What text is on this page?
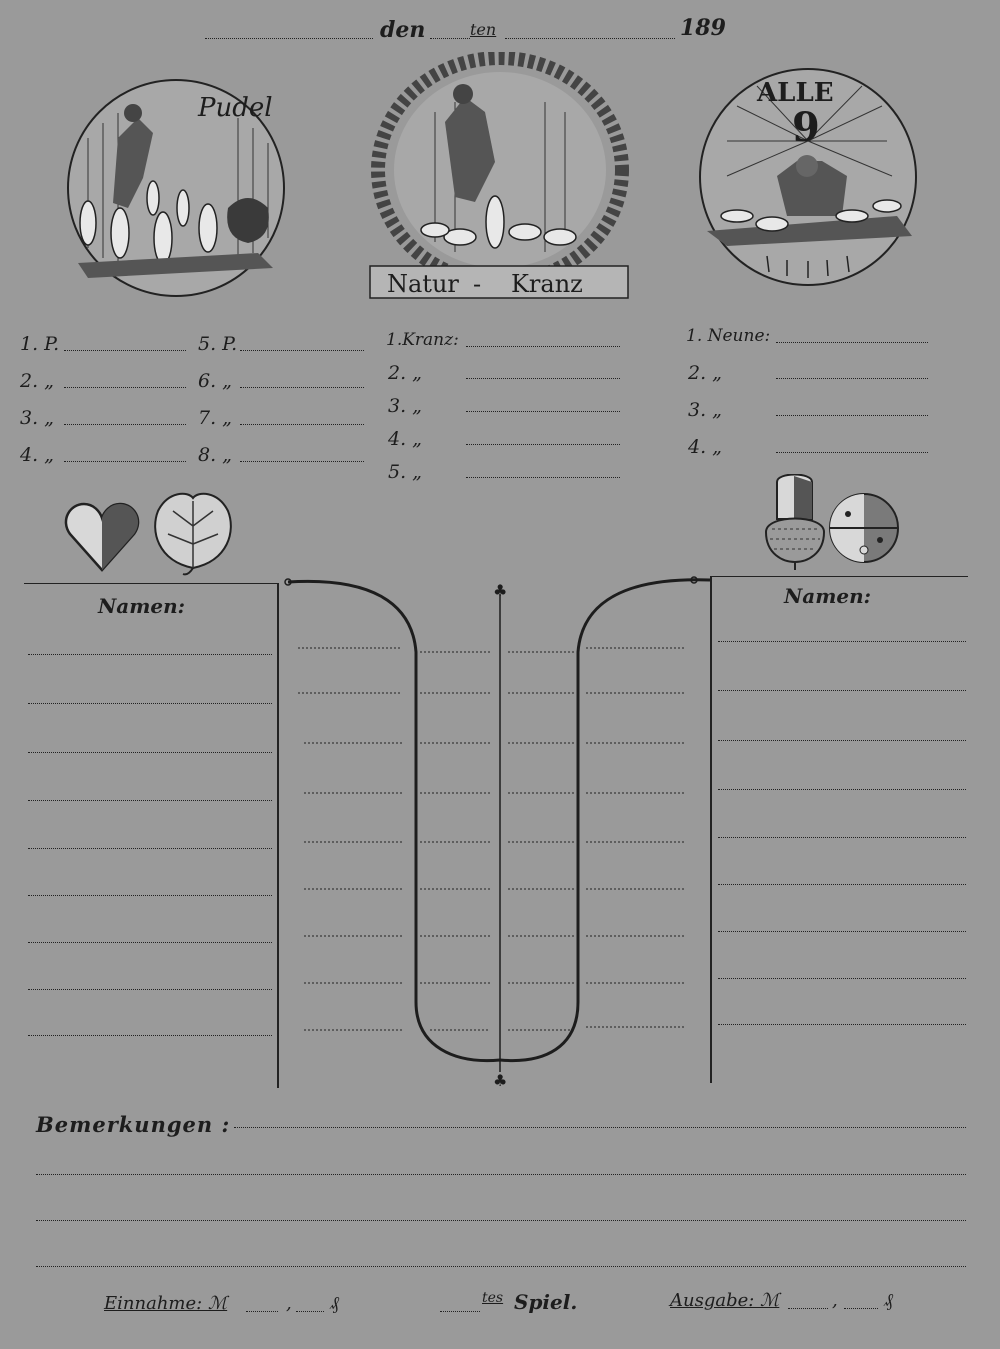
den	ten	189
Pudel
Natur - Kranz
ALLE
9
1. P.
2. „
3. „
4. „
5. P.
6. „
7. „
8. „
1.Kranz:
2. „
3. „
4. „
5. „
1. Neune:
2. „
3. „
4. „
Namen:
♣
♣
Namen:
Bemerkungen :
Einnahme: ℳ	, ₰	tes Spiel.	Ausgabe: ℳ	,	₰
